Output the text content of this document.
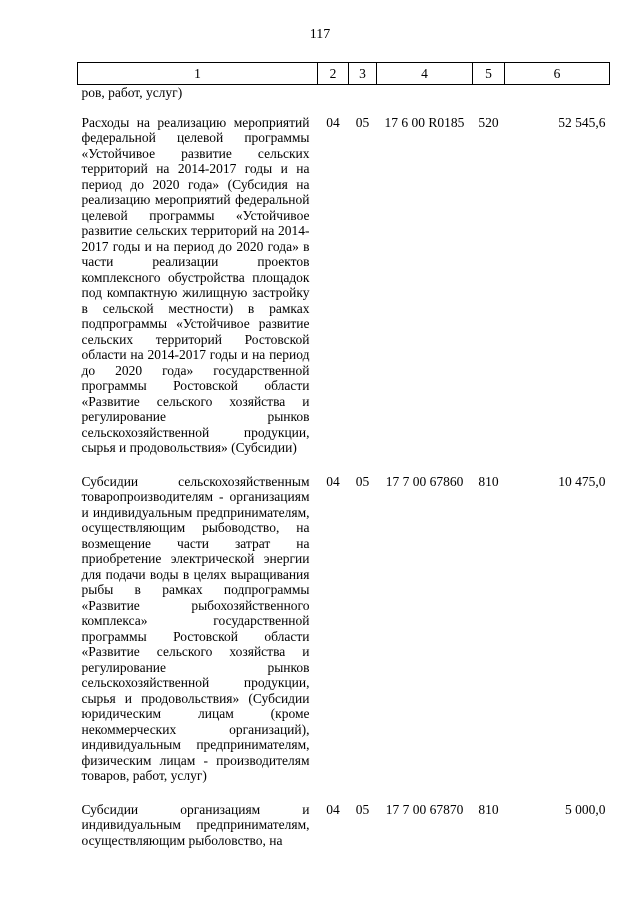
117
1	2	3	4	5	6
ров, работ, услуг)					
Расходы на реализацию мероприятий федеральной целевой программы «Устойчивое развитие сельских территорий на 2014-2017 годы и на период до 2020 года» (Субсидия на реализацию мероприятий федеральной целевой программы «Устойчивое развитие сельских территорий на 2014-2017 годы и на период до 2020 года» в части реализации проектов комплексного обустройства площадок под компактную жилищную застройку в сельской местности) в рамках подпрограммы «Устойчивое развитие сельских территорий Ростовской области на 2014-2017 годы и на период до 2020 года» государственной программы Ростовской области «Развитие сельского хозяйства и регулирование рынков сельскохозяйственной продукции, сырья и продовольствия» (Субсидии)	04	05	17 6 00 R0185	520	52 545,6
Субсидии сельскохозяйственным товаропроизводителям - организациям и индивидуальным предпринимателям, осуществляющим рыбоводство, на возмещение части затрат на приобретение электрической энергии для подачи воды в целях выращивания рыбы в рамках подпрограммы «Развитие рыбохозяйственного комплекса» государственной программы Ростовской области «Развитие сельского хозяйства и регулирование рынков сельскохозяйственной продукции, сырья и продовольствия» (Субсидии юридическим лицам (кроме некоммерческих организаций), индивидуальным предпринимателям, физическим лицам - производителям товаров, работ, услуг)	04	05	17 7 00 67860	810	10 475,0
Субсидии организациям и индивидуальным предпринимателям, осуществляющим рыболовство, на	04	05	17 7 00 67870	810	5 000,0
